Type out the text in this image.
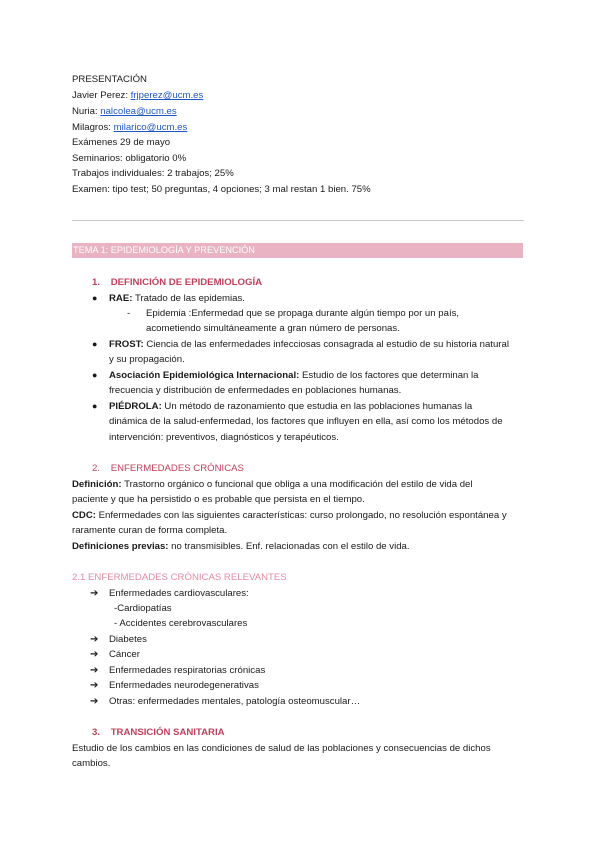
PRESENTACIÓN
Javier Perez: frjperez@ucm.es
Nuria: nalcolea@ucm.es
Milagros: milarico@ucm.es
Exámenes 29 de mayo
Seminarios: obligatorio 0%
Trabajos individuales: 2 trabajos; 25%
Examen: tipo test; 50 preguntas, 4 opciones; 3 mal restan 1 bien. 75%
TEMA 1: EPIDEMIOLOGÍA Y PREVENCIÓN
1. DEFINICIÓN DE EPIDEMIOLOGÍA
● RAE: Tratado de las epidemias.
- Epidemia :Enfermedad que se propaga durante algún tiempo por un país,
acometiendo simultáneamente a gran número de personas.
● FROST: Ciencia de las enfermedades infecciosas consagrada al estudio de su historia natural
y su propagación.
● Asociación Epidemiológica Internacional: Estudio de los factores que determinan la
frecuencia y distribución de enfermedades en poblaciones humanas.
● PIÉDROLA: Un método de razonamiento que estudia en las poblaciones humanas la
dinámica de la salud-enfermedad, los factores que influyen en ella, así como los métodos de
intervención: preventivos, diagnósticos y terapéuticos.
2. ENFERMEDADES CRÓNICAS
Definición: Trastorno orgánico o funcional que obliga a una modificación del estilo de vida del
paciente y que ha persistido o es probable que persista en el tiempo.
CDC: Enfermedades con las siguientes características: curso prolongado, no resolución espontánea y
raramente curan de forma completa.
Definiciones previas: no transmisibles. Enf. relacionadas con el estilo de vida.
2.1 ENFERMEDADES CRÓNICAS RELEVANTES
➔ Enfermedades cardiovasculares:
-Cardiopatías
- Accidentes cerebrovasculares
➔ Diabetes
➔ Cáncer
➔ Enfermedades respiratorias crónicas
➔ Enfermedades neurodegenerativas
➔ Otras: enfermedades mentales, patología osteomuscular…
3. TRANSICIÓN SANITARIA
Estudio de los cambios en las condiciones de salud de las poblaciones y consecuencias de dichos
cambios.
